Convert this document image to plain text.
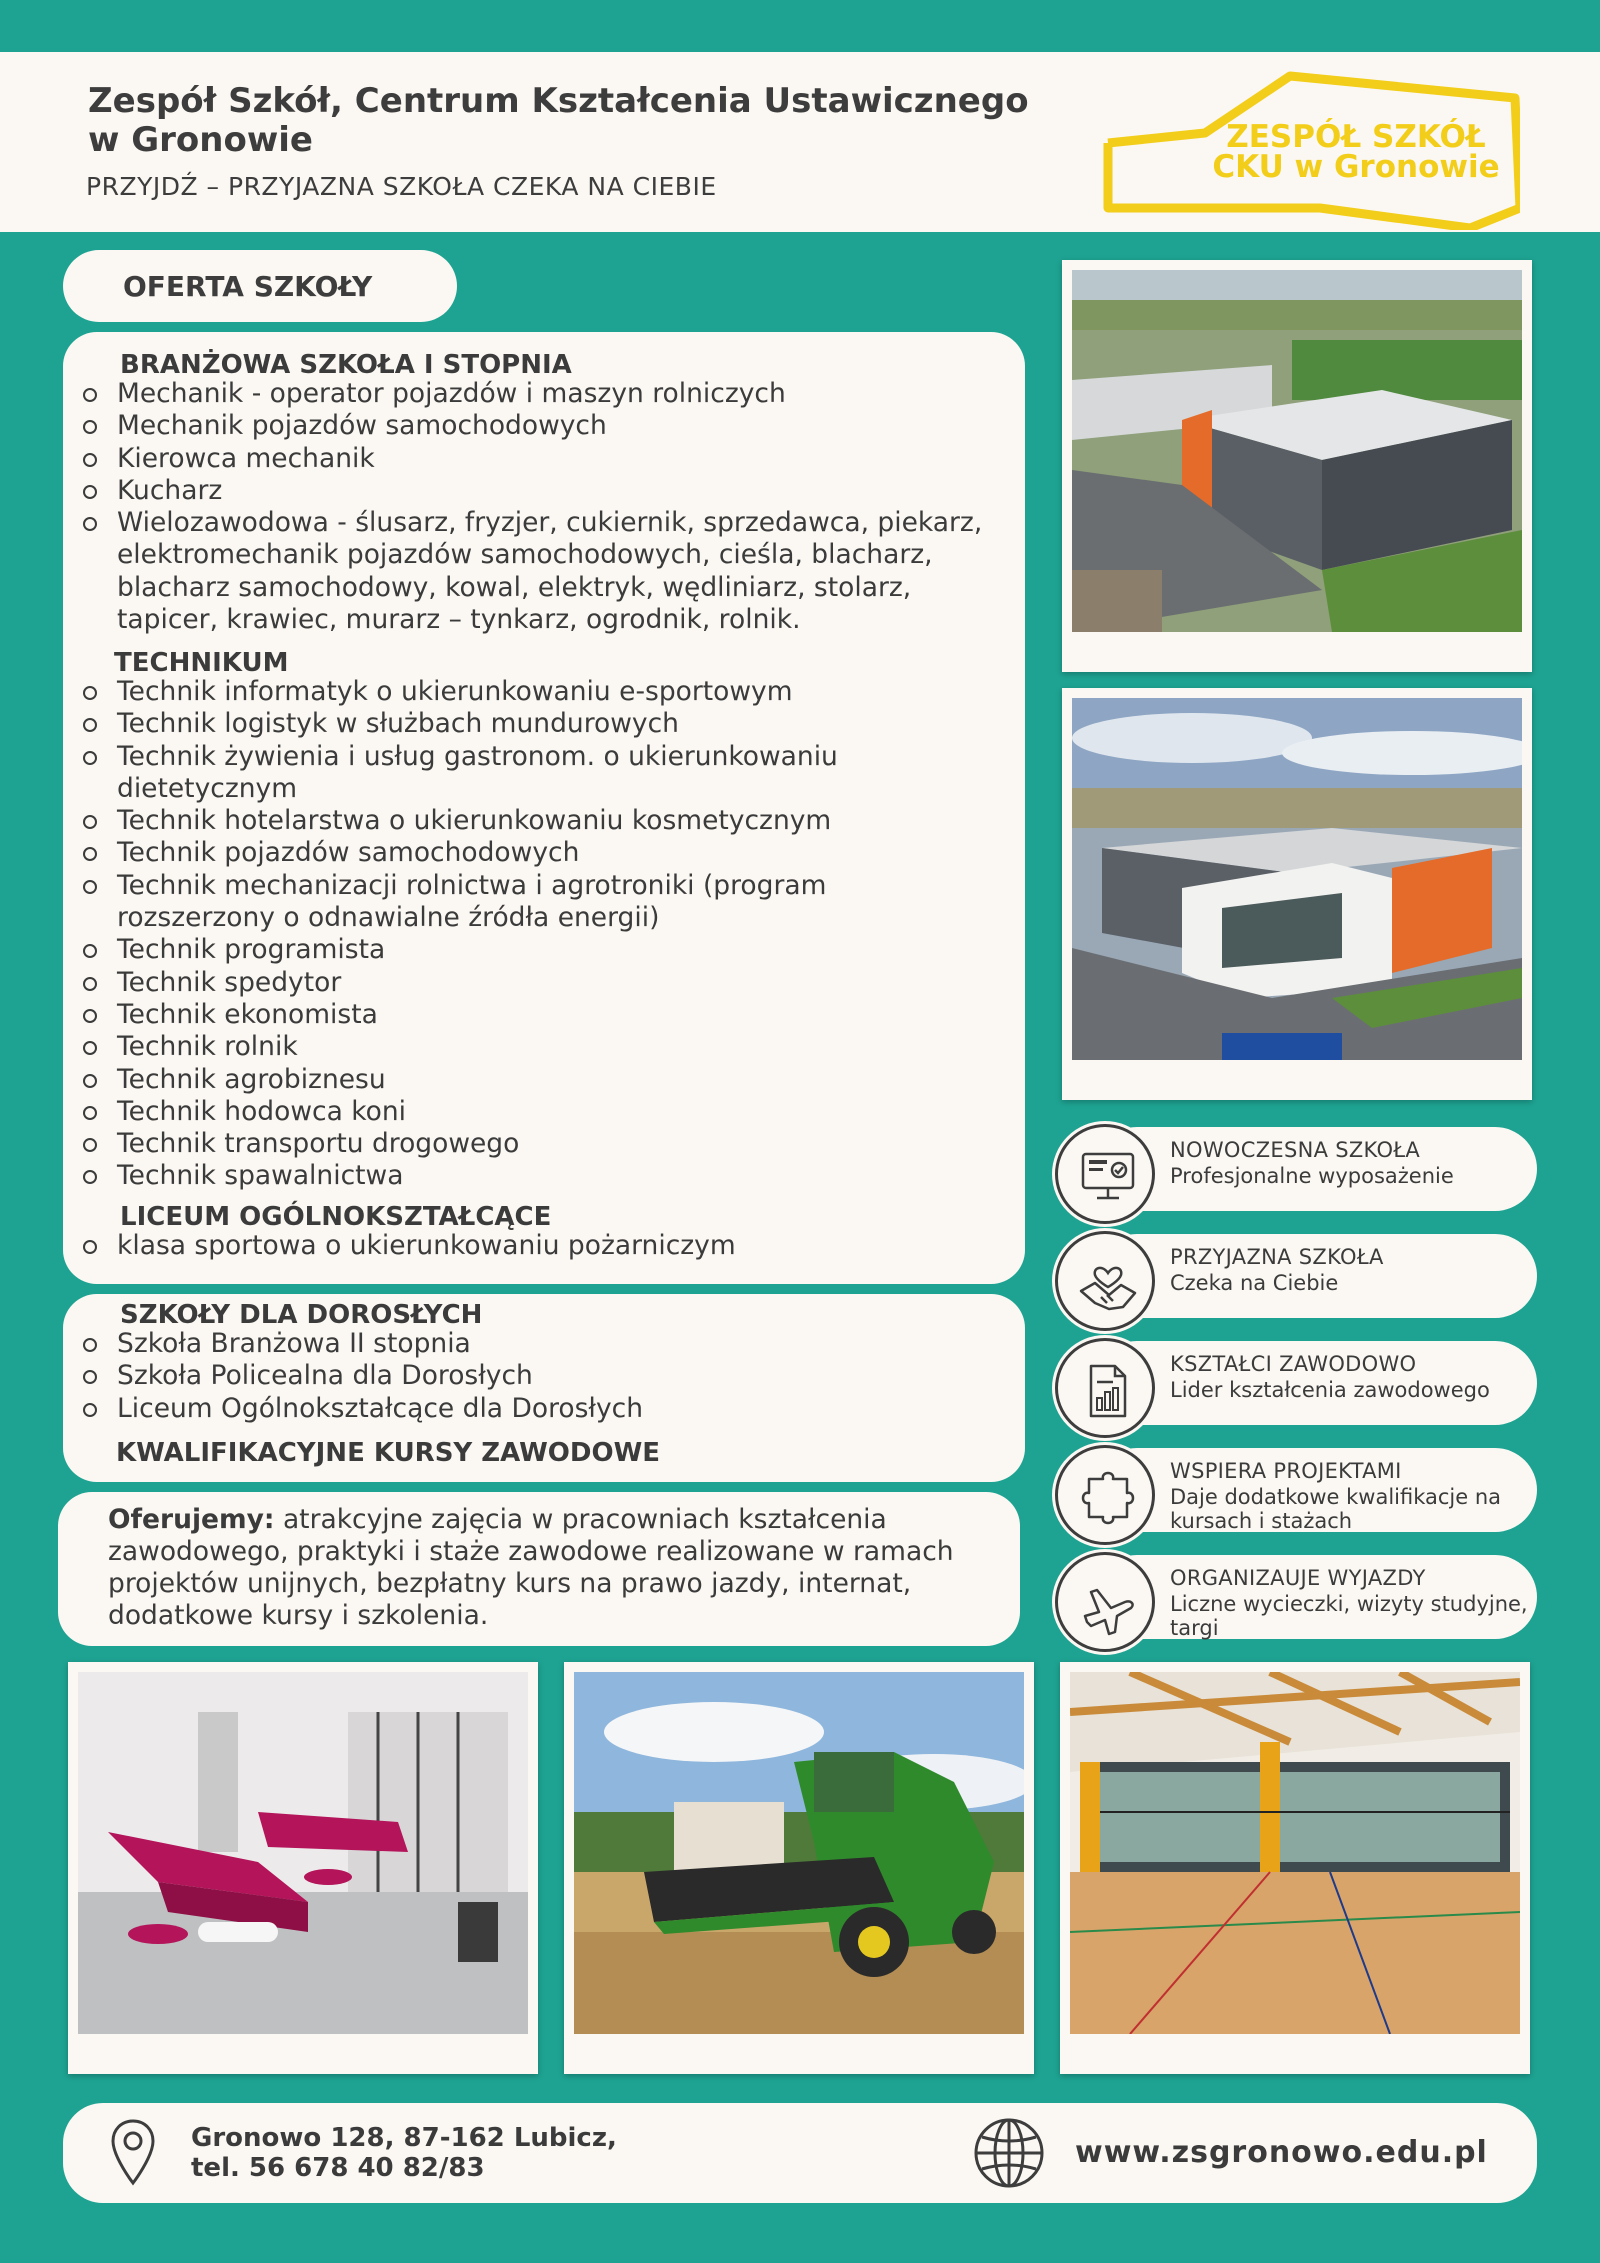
Zespół Szkół, Centrum Kształcenia Ustawicznego w Gronowie
PRZYJDŹ – PRZYJAZNA SZKOŁA CZEKA NA CIEBIE
ZESPÓŁ SZKÓŁ
CKU w Gronowie
OFERTA SZKOŁY
BRANŻOWA SZKOŁA I STOPNIA
Mechanik - operator pojazdów i maszyn rolniczych
Mechanik pojazdów samochodowych
Kierowca mechanik
Kucharz
Wielozawodowa - ślusarz, fryzjer, cukiernik, sprzedawca, piekarz, elektromechanik pojazdów samochodowych, cieśla, blacharz, blacharz samochodowy, kowal, elektryk, wędliniarz, stolarz, tapicer, krawiec, murarz – tynkarz, ogrodnik, rolnik.
TECHNIKUM
Technik informatyk o ukierunkowaniu e-sportowym
Technik logistyk w służbach mundurowych
Technik żywienia i usług gastronom. o ukierunkowaniu dietetycznym
Technik hotelarstwa o ukierunkowaniu kosmetycznym
Technik pojazdów samochodowych
Technik mechanizacji rolnictwa i agrotroniki (program rozszerzony o odnawialne źródła energii)
Technik programista
Technik spedytor
Technik ekonomista
Technik rolnik
Technik agrobiznesu
Technik hodowca koni
Technik transportu drogowego
Technik spawalnictwa
LICEUM OGÓLNOKSZTAŁCĄCE
klasa sportowa o ukierunkowaniu pożarniczym
SZKOŁY DLA DOROSŁYCH
Szkoła Branżowa II stopnia
Szkoła Policealna dla Dorosłych
Liceum Ogólnokształcące dla Dorosłych
KWALIFIKACYJNE KURSY ZAWODOWE
Oferujemy: atrakcyjne zajęcia w pracowniach kształcenia zawodowego, praktyki i staże zawodowe realizowane w ramach projektów unijnych, bezpłatny kurs na prawo jazdy, internat, dodatkowe kursy i szkolenia.
NOWOCZESNA SZKOŁA
Profesjonalne wyposażenie
PRZYJAZNA SZKOŁA
Czeka na Ciebie
KSZTAŁCI ZAWODOWO
Lider kształcenia zawodowego
WSPIERA PROJEKTAMI
Daje dodatkowe kwalifikacje na kursach i stażach
ORGANIZAUJE WYJAZDY
Liczne wycieczki, wizyty studyjne, targi
Gronowo 128, 87-162 Lubicz,
tel. 56 678 40 82/83	www.zsgronowo.edu.pl
